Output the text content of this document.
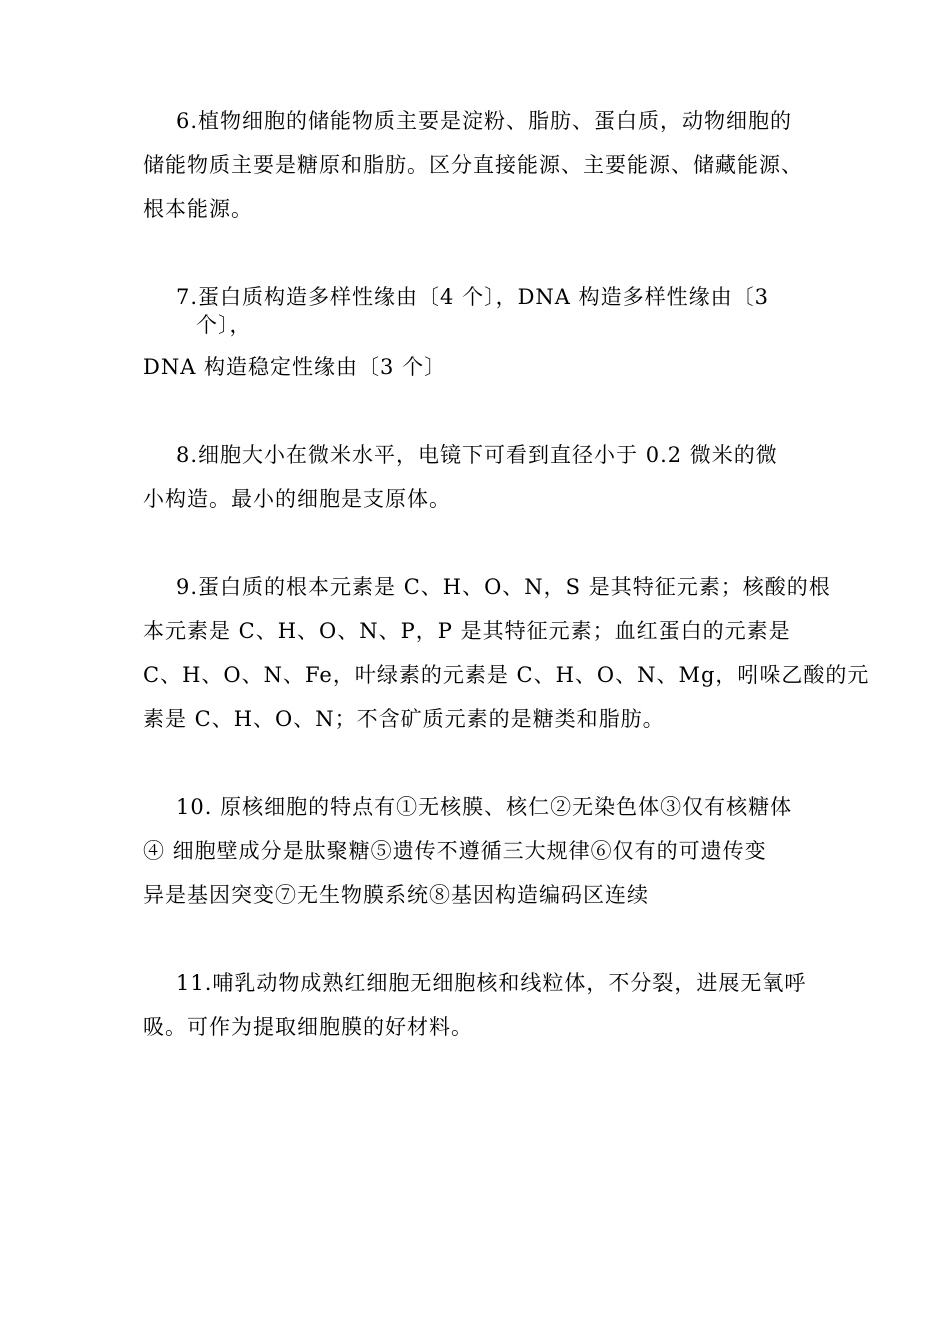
6.植物细胞的储能物质主要是淀粉、脂肪、蛋白质，动物细胞的
储能物质主要是糖原和脂肪。区分直接能源、主要能源、储藏能源、
根本能源。
7.蛋白质构造多样性缘由〔4 个〕，DNA 构造多样性缘由〔3
个〕，
DNA 构造稳定性缘由〔3 个〕
8.细胞大小在微米水平，电镜下可看到直径小于 0.2 微米的微
小构造。最小的细胞是支原体。
9.蛋白质的根本元素是 C、H、O、N，S 是其特征元素；核酸的根
本元素是 C、H、O、N、P，P 是其特征元素；血红蛋白的元素是
C、H、O、N、Fe，叶绿素的元素是 C、H、O、N、Mg，吲哚乙酸的元
素是 C、H、O、N；不含矿质元素的是糖类和脂肪。
10. 原核细胞的特点有①无核膜、核仁②无染色体③仅有核糖体
④ 细胞壁成分是肽聚糖⑤遗传不遵循三大规律⑥仅有的可遗传变
异是基因突变⑦无生物膜系统⑧基因构造编码区连续
11.哺乳动物成熟红细胞无细胞核和线粒体，不分裂，进展无氧呼
吸。可作为提取细胞膜的好材料。
